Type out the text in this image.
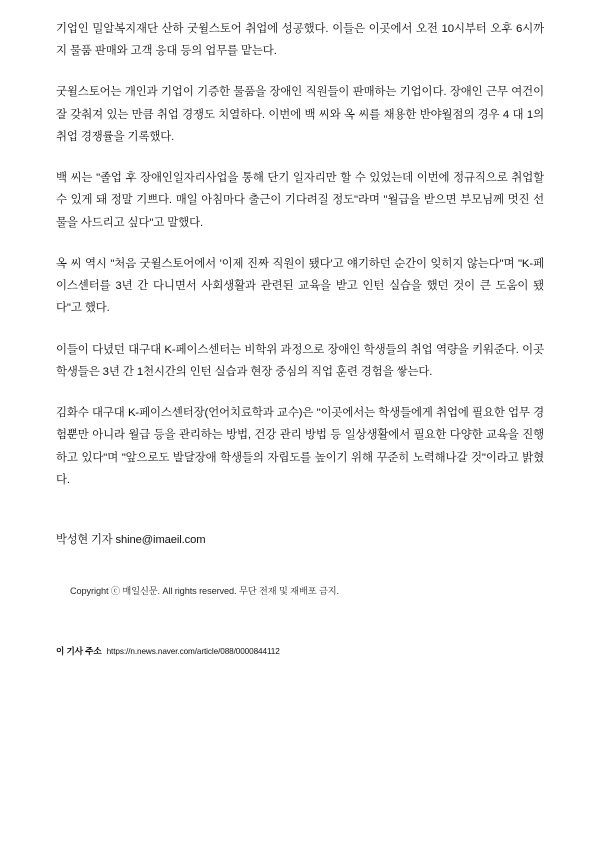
기업인 밀알복지재단 산하 굿윌스토어 취업에 성공했다. 이들은 이곳에서 오전 10시부터 오후 6시까지 물품 판매와 고객 응대 등의 업무를 맡는다.

굿윌스토어는 개인과 기업이 기증한 물품을 장애인 직원들이 판매하는 기업이다. 장애인 근무 여건이 잘 갖춰져 있는 만큼 취업 경쟁도 치열하다. 이번에 백 씨와 옥 씨를 채용한 반야월점의 경우 4 대 1의 취업 경쟁률을 기록했다.

백 씨는 "졸업 후 장애인일자리사업을 통해 단기 일자리만 할 수 있었는데 이번에 정규직으로 취업할 수 있게 돼 정말 기쁘다. 매일 아침마다 출근이 기다려질 정도"라며 "월급을 받으면 부모님께 멋진 선물을 사드리고 싶다"고 말했다.

옥 씨 역시 "처음 굿윌스토어에서 '이제 진짜 직원이 됐다'고 얘기하던 순간이 잊히지 않는다"며 "K-페이스센터를 3년 간 다니면서 사회생활과 관련된 교육을 받고 인턴 실습을 했던 것이 큰 도움이 됐다"고 했다.

이들이 다녔던 대구대 K-페이스센터는 비학위 과정으로 장애인 학생들의 취업 역량을 키워준다. 이곳 학생들은 3년 간 1천시간의 인턴 실습과 현장 중심의 직업 훈련 경험을 쌓는다.

김화수 대구대 K-페이스센터장(언어치료학과 교수)은 "이곳에서는 학생들에게 취업에 필요한 업무 경험뿐만 아니라 월급 등을 관리하는 방법, 건강 관리 방법 등 일상생활에서 필요한 다양한 교육을 진행하고 있다"며 "앞으로도 발달장애 학생들의 자립도를 높이기 위해 꾸준히 노력해나갈 것"이라고 밝혔다.

박성현 기자 shine@imaeil.com
Copyright ⓒ 매일신문. All rights reserved. 무단 전재 및 재배포 금지.
이 기사 주소 https://n.news.naver.com/article/088/0000844112
